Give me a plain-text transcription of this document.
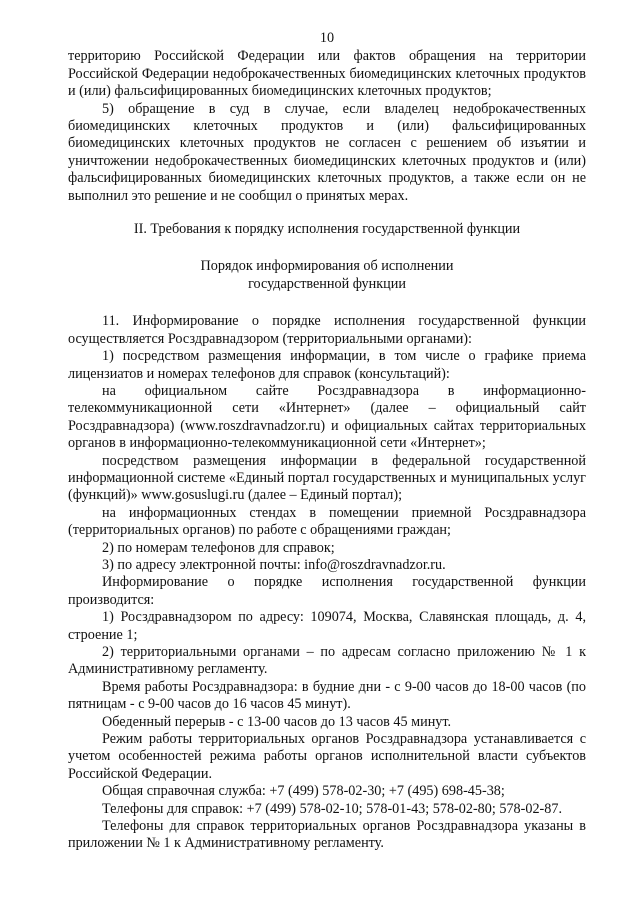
10

территорию Российской Федерации или фактов обращения на территории Российской Федерации недоброкачественных биомедицинских клеточных продуктов и (или) фальсифицированных биомедицинских клеточных продуктов;

5) обращение в суд в случае, если владелец недоброкачественных биомедицинских клеточных продуктов и (или) фальсифицированных биомедицинских клеточных продуктов не согласен с решением об изъятии и уничтожении недоброкачественных биомедицинских клеточных продуктов и (или) фальсифицированных биомедицинских клеточных продуктов, а также если он не выполнил это решение и не сообщил о принятых мерах.

II. Требования к порядку исполнения государственной функции
Порядок информирования об исполнении
государственной функции

11. Информирование о порядке исполнения государственной функции осуществляется Росздравнадзором (территориальными органами):

1) посредством размещения информации, в том числе о графике приема лицензиатов и номерах телефонов для справок (консультаций):

на официальном сайте Росздравнадзора в информационно-телекоммуникационной сети «Интернет» (далее – официальный сайт Росздравнадзора) (www.roszdravnadzor.ru) и официальных сайтах территориальных органов в информационно-телекоммуникационной сети «Интернет»;

посредством размещения информации в федеральной государственной информационной системе «Единый портал государственных и муниципальных услуг (функций)» www.gosuslugi.ru (далее – Единый портал);

на информационных стендах в помещении приемной Росздравнадзора (территориальных органов) по работе с обращениями граждан;

2) по номерам телефонов для справок;

3) по адресу электронной почты: info@roszdravnadzor.ru.

Информирование о порядке исполнения государственной функции производится:

1) Росздравнадзором по адресу: 109074, Москва, Славянская площадь, д. 4, строение 1;

2) территориальными органами – по адресам согласно приложению № 1 к Административному регламенту.

Время работы Росздравнадзора: в будние дни - с 9-00 часов до 18-00 часов (по пятницам - с 9-00 часов до 16 часов 45 минут).

Обеденный перерыв - с 13-00 часов до 13 часов 45 минут.

Режим работы территориальных органов Росздравнадзора устанавливается с учетом особенностей режима работы органов исполнительной власти субъектов Российской Федерации.

Общая справочная служба: +7 (499) 578-02-30; +7 (495) 698-45-38;

Телефоны для справок: +7 (499) 578-02-10; 578-01-43; 578-02-80; 578-02-87.

Телефоны для справок территориальных органов Росздравнадзора указаны в приложении № 1 к Административному регламенту.
